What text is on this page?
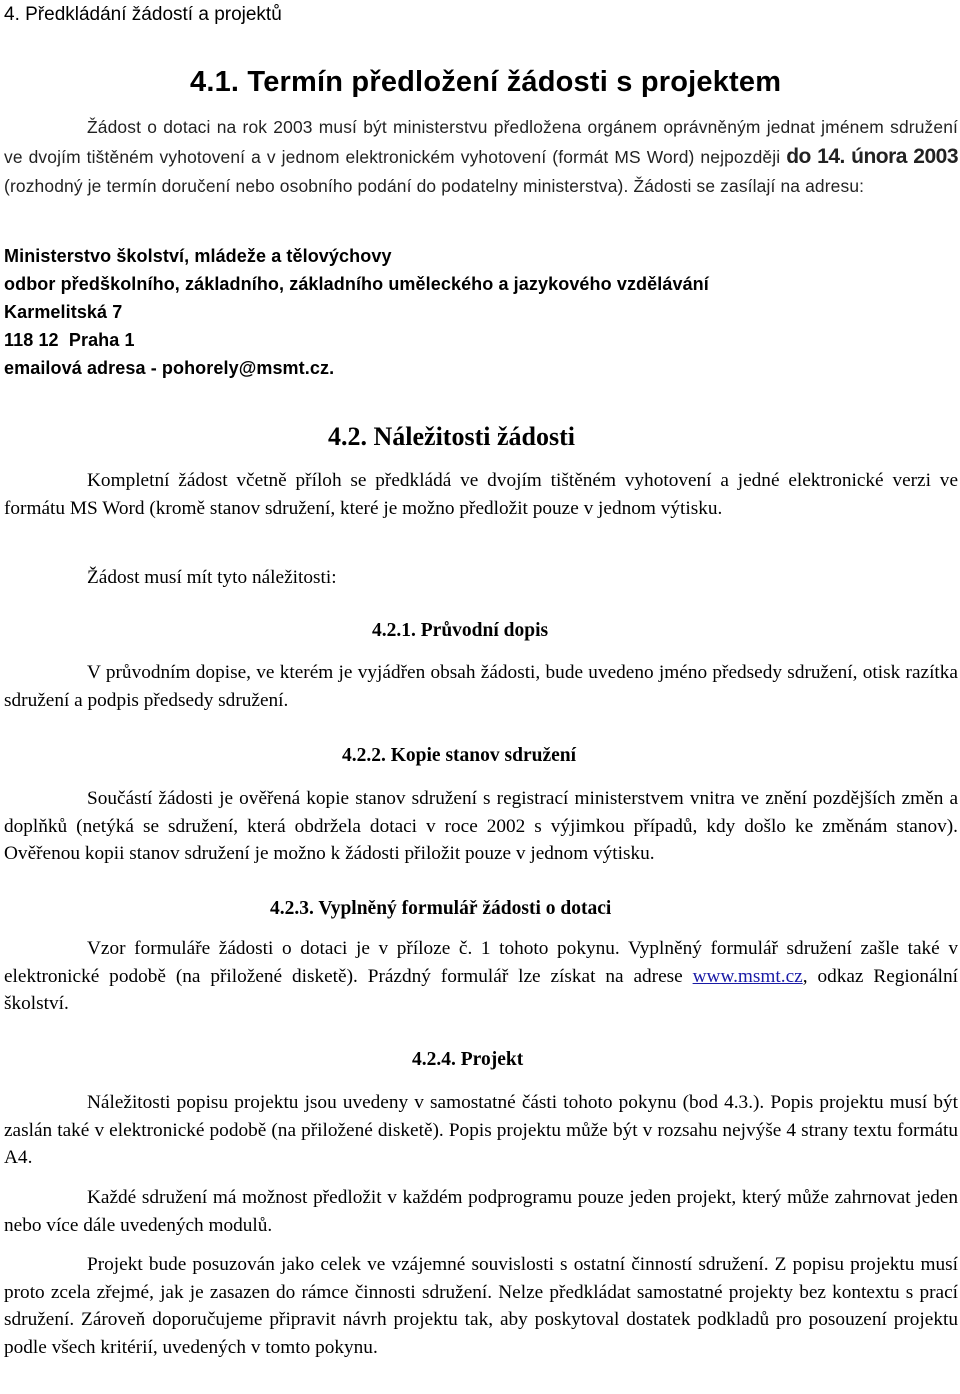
4. Předkládání žádostí a projektů
4.1. Termín předložení žádosti s projektem

Žádost o dotaci na rok 2003 musí být ministerstvu předložena orgánem oprávněným jednat jménem sdružení ve dvojím tištěném vyhotovení a v jednom elektronickém vyhotovení (formát MS Word) nejpozději do 14. února 2003 (rozhodný je termín doručení nebo osobního podání do podatelny ministerstva). Žádosti se zasílají na adresu:

Ministerstvo školství, mládeže a tělovýchovy
odbor předškolního, základního, základního uměleckého a jazykového vzdělávání
Karmelitská 7
118 12  Praha 1
emailová adresa - pohorely@msmt.cz.
4.2. Náležitosti žádosti

Kompletní žádost včetně příloh se předkládá ve dvojím tištěném vyhotovení a jedné elektronické verzi ve formátu MS Word (kromě stanov sdružení, které je možno předložit pouze v jednom výtisku.

Žádost musí mít tyto náležitosti:

4.2.1. Průvodní dopis

V průvodním dopise, ve kterém je vyjádřen obsah žádosti, bude uvedeno jméno předsedy sdružení, otisk razítka sdružení a podpis předsedy sdružení.

4.2.2. Kopie stanov sdružení

Součástí žádosti je ověřená kopie stanov sdružení s registrací ministerstvem vnitra ve znění pozdějších změn a doplňků (netýká se sdružení, která obdržela dotaci v roce 2002 s výjimkou případů, kdy došlo ke změnám stanov). Ověřenou kopii stanov sdružení je možno k žádosti přiložit pouze v jednom výtisku.

4.2.3. Vyplněný formulář žádosti o dotaci

Vzor formuláře žádosti o dotaci je v příloze č. 1 tohoto pokynu. Vyplněný formulář sdružení zašle také v elektronické podobě (na přiložené disketě). Prázdný formulář lze získat na adrese www.msmt.cz, odkaz Regionální školství.

4.2.4. Projekt

Náležitosti popisu projektu jsou uvedeny v samostatné části tohoto pokynu (bod 4.3.). Popis projektu musí být zaslán také v elektronické podobě (na přiložené disketě). Popis projektu může být v rozsahu nejvýše 4 strany textu formátu A4.

Každé sdružení má možnost předložit v každém podprogramu pouze jeden projekt, který může zahrnovat jeden nebo více dále uvedených modulů.

Projekt bude posuzován jako celek ve vzájemné souvislosti s ostatní činností sdružení. Z popisu projektu musí proto zcela zřejmé, jak je zasazen do rámce činnosti sdružení. Nelze předkládat samostatné projekty bez kontextu s prací sdružení. Zároveň doporučujeme připravit návrh projektu tak, aby poskytoval dostatek podkladů pro posouzení projektu podle všech kritérií, uvedených v tomto pokynu.
